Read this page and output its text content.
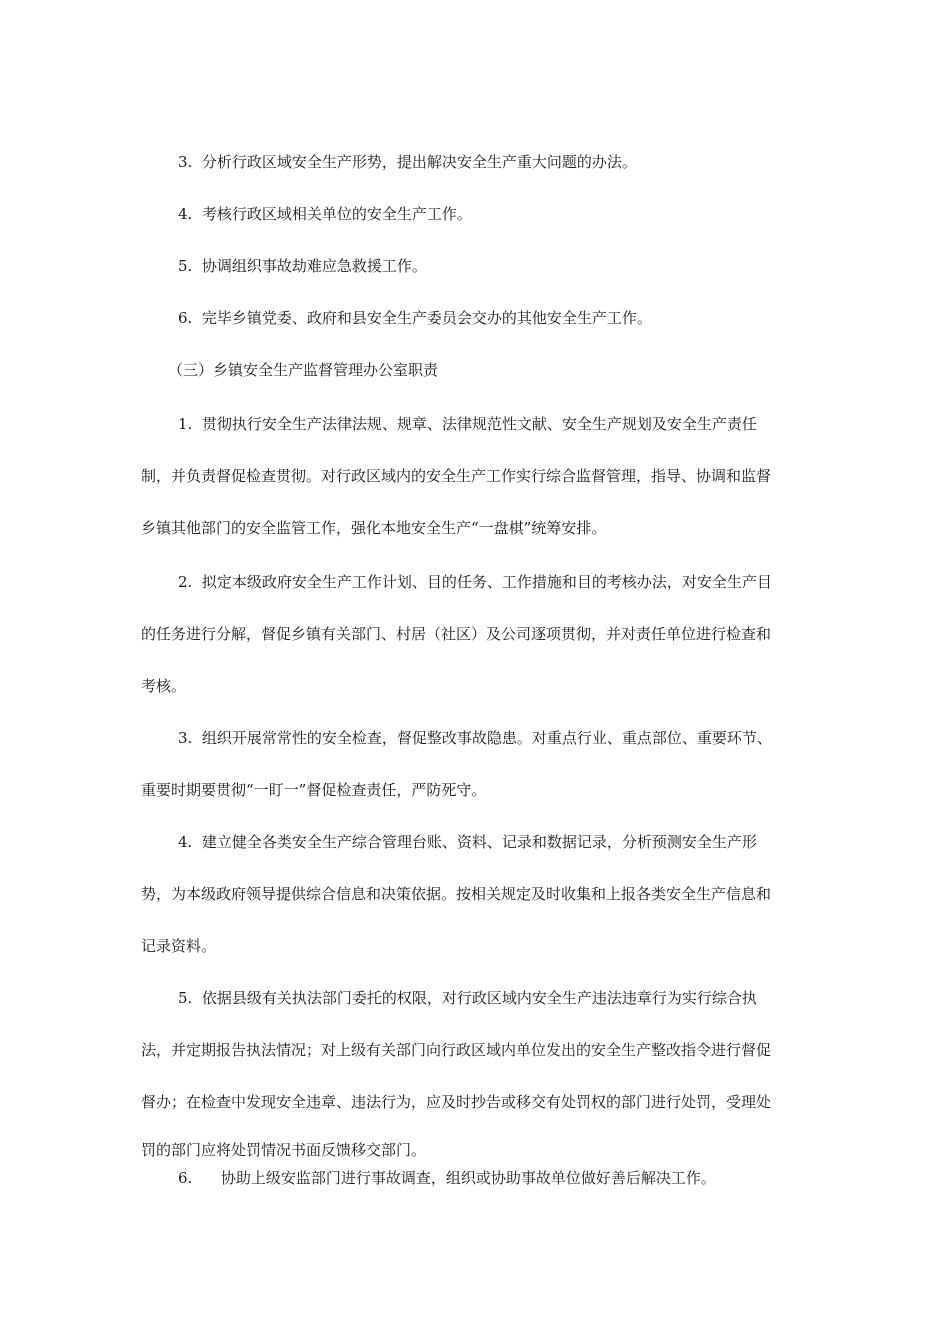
3. 分析行政区域安全生产形势，提出解决安全生产重大问题的办法。
4. 考核行政区域相关单位的安全生产工作。
5. 协调组织事故劫难应急救援工作。
6. 完毕乡镇党委、政府和县安全生产委员会交办的其他安全生产工作。
（三）乡镇安全生产监督管理办公室职责
1. 贯彻执行安全生产法律法规、规章、法律规范性文献、安全生产规划及安全生产责任
制，并负责督促检查贯彻。对行政区域内的安全生产工作实行综合监督管理，指导、协调和监督
乡镇其他部门的安全监管工作，强化本地安全生产“一盘棋”统筹安排。
2. 拟定本级政府安全生产工作计划、目的任务、工作措施和目的考核办法，对安全生产目
的任务进行分解，督促乡镇有关部门、村居（社区）及公司逐项贯彻，并对责任单位进行检查和
考核。
3. 组织开展常常性的安全检查，督促整改事故隐患。对重点行业、重点部位、重要环节、
重要时期要贯彻“一盯一”督促检查责任，严防死守。
4. 建立健全各类安全生产综合管理台账、资料、记录和数据记录，分析预测安全生产形
势，为本级政府领导提供综合信息和决策依据。按相关规定及时收集和上报各类安全生产信息和
记录资料。
5. 依据县级有关执法部门委托的权限，对行政区域内安全生产违法违章行为实行综合执
法，并定期报告执法情况；对上级有关部门向行政区域内单位发出的安全生产整改指令进行督促
督办；在检查中发现安全违章、违法行为，应及时抄告或移交有处罚权的部门进行处罚，受理处
罚的部门应将处罚情况书面反馈移交部门。
6. 协助上级安监部门进行事故调查，组织或协助事故单位做好善后解决工作。
